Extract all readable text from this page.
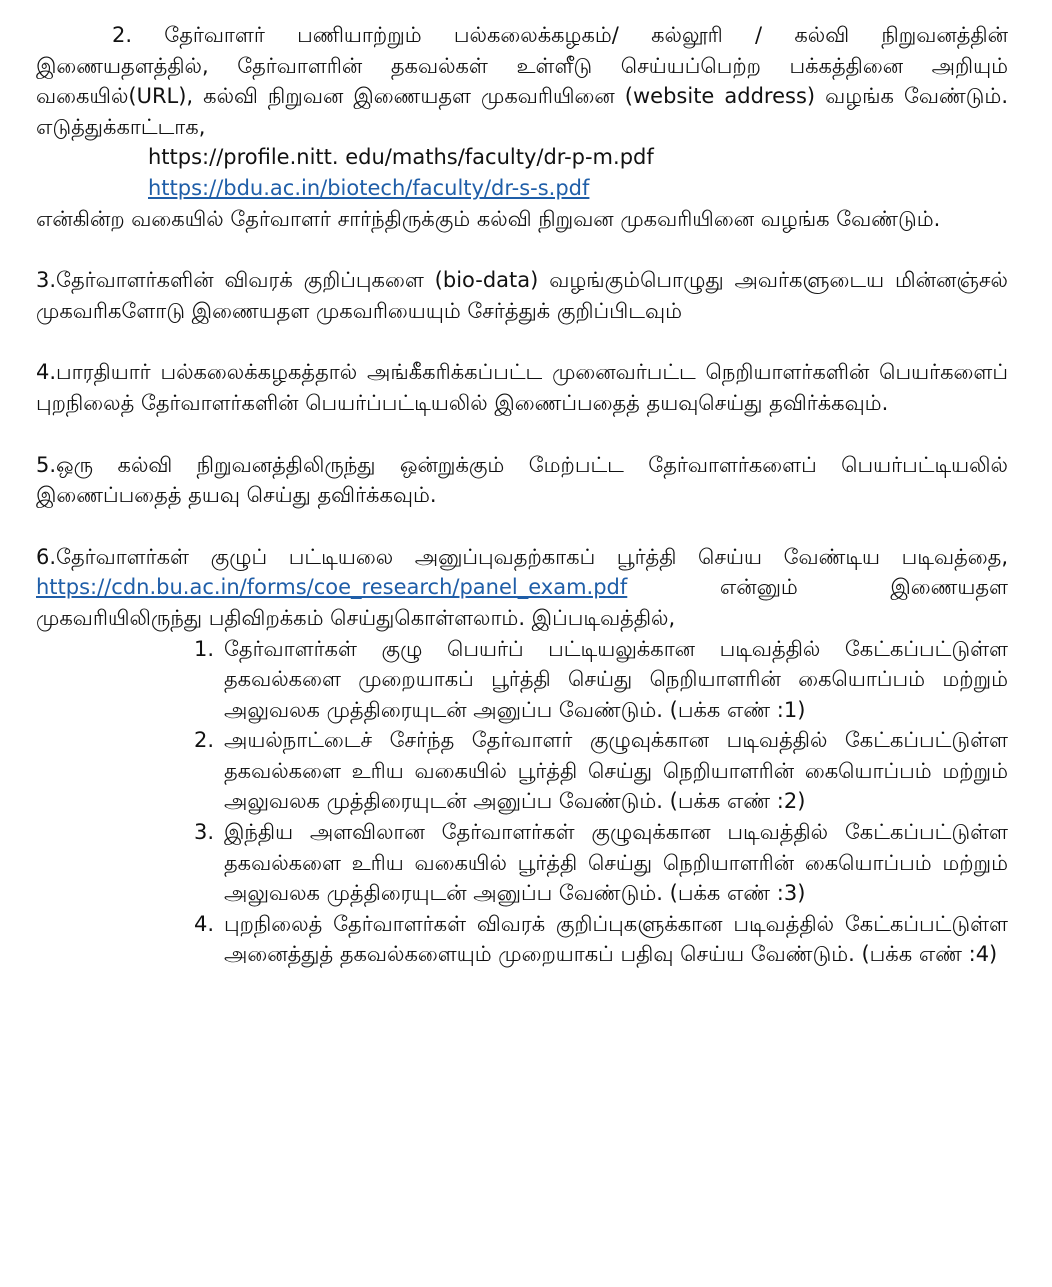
2. தேர்வாளர் பணியாற்றும் பல்கலைக்கழகம்/ கல்லூரி / கல்வி நிறுவனத்தின் இணையதளத்தில், தேர்வாளரின் தகவல்கள் உள்ளீடு செய்யப்பெற்ற பக்கத்தினை அறியும் வகையில்(URL), கல்வி நிறுவன இணையதள முகவரியினை (website address) வழங்க வேண்டும். எடுத்துக்காட்டாக,

https://profile.nitt. edu/maths/faculty/dr-p-m.pdf
https://bdu.ac.in/biotech/faculty/dr-s-s.pdf

என்கின்ற வகையில் தேர்வாளர் சார்ந்திருக்கும் கல்வி நிறுவன முகவரியினை வழங்க வேண்டும்.

3.தேர்வாளர்களின் விவரக் குறிப்புகளை (bio-data) வழங்கும்பொழுது அவர்களுடைய மின்னஞ்சல் முகவரிகளோடு இணையதள முகவரியையும் சேர்த்துக் குறிப்பிடவும்

4.பாரதியார் பல்கலைக்கழகத்தால் அங்கீகரிக்கப்பட்ட முனைவர்பட்ட நெறியாளர்களின் பெயர்களைப் புறநிலைத் தேர்வாளர்களின் பெயர்ப்பட்டியலில் இணைப்பதைத் தயவுசெய்து தவிர்க்கவும்.

5.ஒரு கல்வி நிறுவனத்திலிருந்து ஒன்றுக்கும் மேற்பட்ட தேர்வாளர்களைப் பெயர்பட்டியலில் இணைப்பதைத் தயவு செய்து தவிர்க்கவும்.

6.தேர்வாளர்கள் குழுப் பட்டியலை அனுப்புவதற்காகப் பூர்த்தி செய்ய வேண்டிய படிவத்தை, https://cdn.bu.ac.in/forms/coe_research/panel_exam.pdf	என்னும் இணையதள முகவரியிலிருந்து பதிவிறக்கம் செய்துகொள்ளலாம். இப்படிவத்தில்,

1. தேர்வாளர்கள் குழு பெயர்ப் பட்டியலுக்கான படிவத்தில் கேட்கப்பட்டுள்ள தகவல்களை முறையாகப் பூர்த்தி செய்து நெறியாளரின் கையொப்பம் மற்றும் அலுவலக முத்திரையுடன் அனுப்ப வேண்டும். (பக்க எண் :1)
2. அயல்நாட்டைச் சேர்ந்த தேர்வாளர் குழுவுக்கான படிவத்தில் கேட்கப்பட்டுள்ள தகவல்களை உரிய வகையில் பூர்த்தி செய்து நெறியாளரின் கையொப்பம் மற்றும் அலுவலக முத்திரையுடன் அனுப்ப வேண்டும். (பக்க எண் :2)
3. இந்திய அளவிலான தேர்வாளர்கள் குழுவுக்கான படிவத்தில் கேட்கப்பட்டுள்ள தகவல்களை உரிய வகையில் பூர்த்தி செய்து நெறியாளரின் கையொப்பம் மற்றும் அலுவலக முத்திரையுடன் அனுப்ப வேண்டும். (பக்க எண் :3)
4. புறநிலைத் தேர்வாளர்கள் விவரக் குறிப்புகளுக்கான படிவத்தில் கேட்கப்பட்டுள்ள அனைத்துத் தகவல்களையும் முறையாகப் பதிவு செய்ய வேண்டும். (பக்க எண் :4)
